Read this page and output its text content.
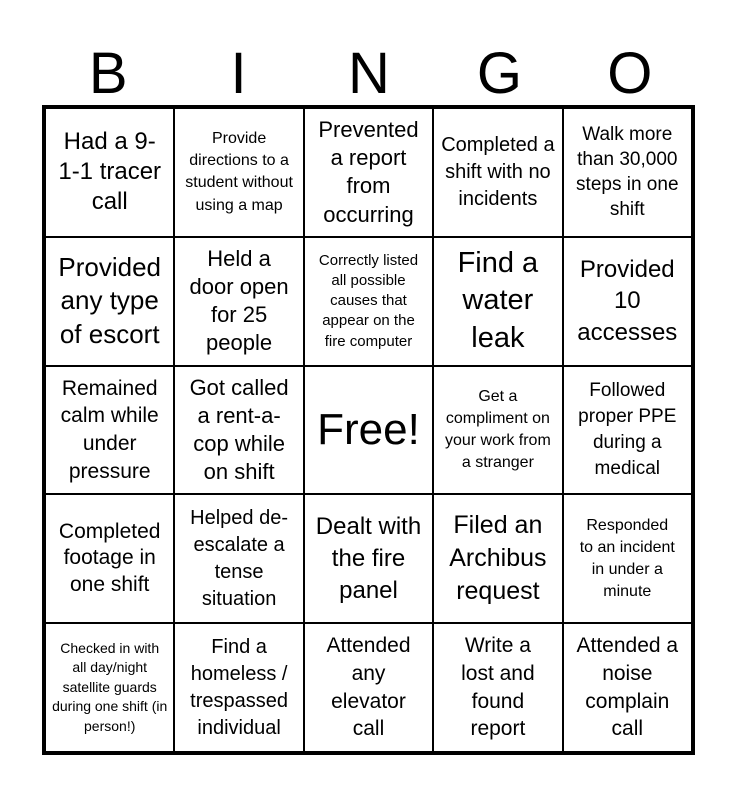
B	I	N	G	O
Had a 9-1-1 tracer call
Provide directions to a student without using a map
Prevented a report from occurring
Completed a shift with no incidents
Walk more than 30,000 steps in one shift
Provided any type of escort
Held a door open for 25 people
Correctly listed all possible causes that appear on the fire computer
Find a water leak
Provided 10 accesses
Remained calm while under pressure
Got called a rent-a-cop while on shift
Free!
Get a compliment on your work from a stranger
Followed proper PPE during a medical
Completed footage in one shift
Helped de-escalate a tense situation
Dealt with the fire panel
Filed an Archibus request
Responded to an incident in under a minute
Checked in with all day/night satellite guards during one shift (in person!)
Find a homeless / trespassed individual
Attended any elevator call
Write a lost and found report
Attended a noise complain call
